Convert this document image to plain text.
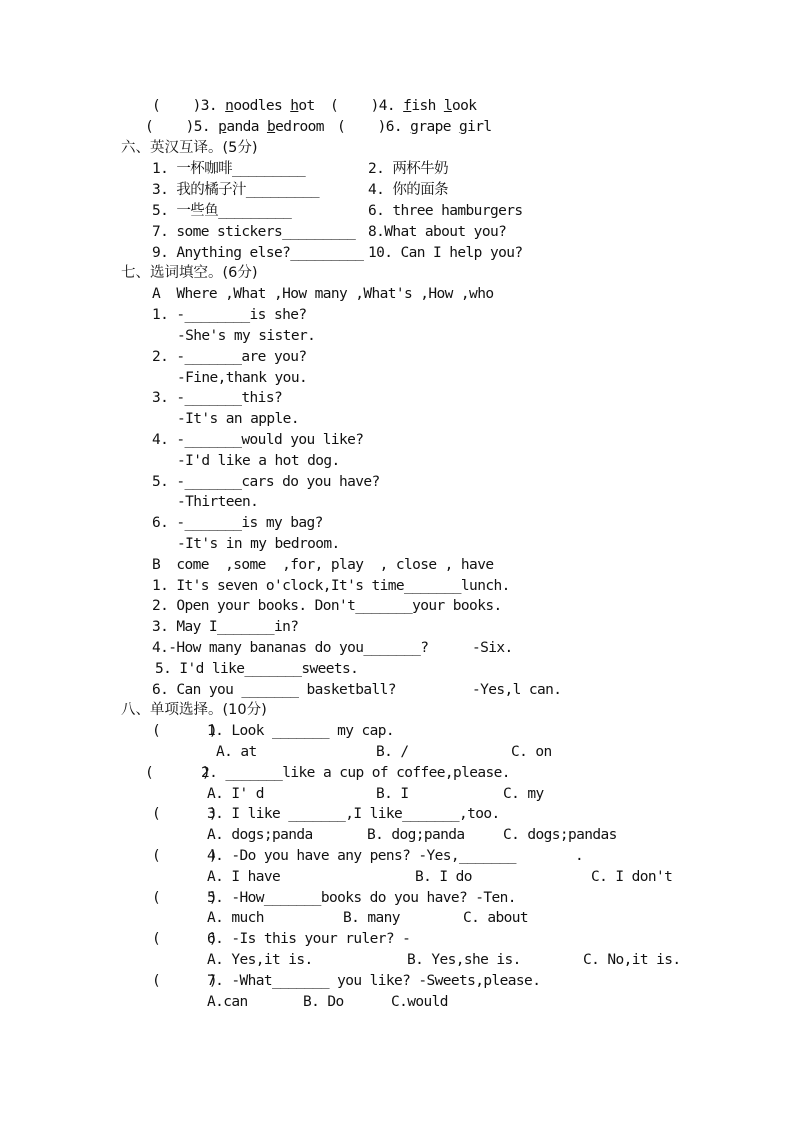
(    )3. noodles hot (    )4. fish look
(    )5. panda bedroom (    )6. grape girl
六、英汉互译。(5分)
1. 一杯咖啡_________	2. 两杯牛奶
3. 我的橘子汁_________	4. 你的面条
5. 一些鱼_________	6. three hamburgers
7. some stickers_________ 8.What about you?
9. Anything else?_________ 10. Can I help you?
七、选词填空。(6分)
A  Where ,What ,How many ,What's ,How ,who
1. -________is she?
-She's my sister.
2. -_______are you?
-Fine,thank you.
3. -_______this?
-It's an apple.
4. -_______would you like?
-I'd like a hot dog.
5. -_______cars do you have?
-Thirteen.
6. -_______is my bag?
-It's in my bedroom.
B  come  ,some  ,for, play  , close , have
1. It's seven o'clock,It's time_______lunch.
2. Open your books. Don't_______your books.
3. May I_______in?
4.-How many bananas do you_______?	-Six.
5. I'd like_______sweets.
6. Can you _______ basketball?	-Yes,l can.
八、单项选择。(10分)
(      )
1. Look _______ my cap.
A. at	B. /	C. on
(      )
2. _______like a cup of coffee,please.
A. I' d	B. I	C. my
(      )
3. I like _______,I like_______,too.
A. dogs;panda	B. dog;panda	C. dogs;pandas
(      )
4. -Do you have any pens? -Yes,_______	.
A. I have	B. I do	C. I don't
(      )
5. -How_______books do you have? -Ten.
A. much	B. many	C. about
(      )
6. -Is this your ruler? -
A. Yes,it is.	B. Yes,she is.	C. No,it is.
(      )
7. -What_______ you like? -Sweets,please.
A.can	B. Do	C.would
